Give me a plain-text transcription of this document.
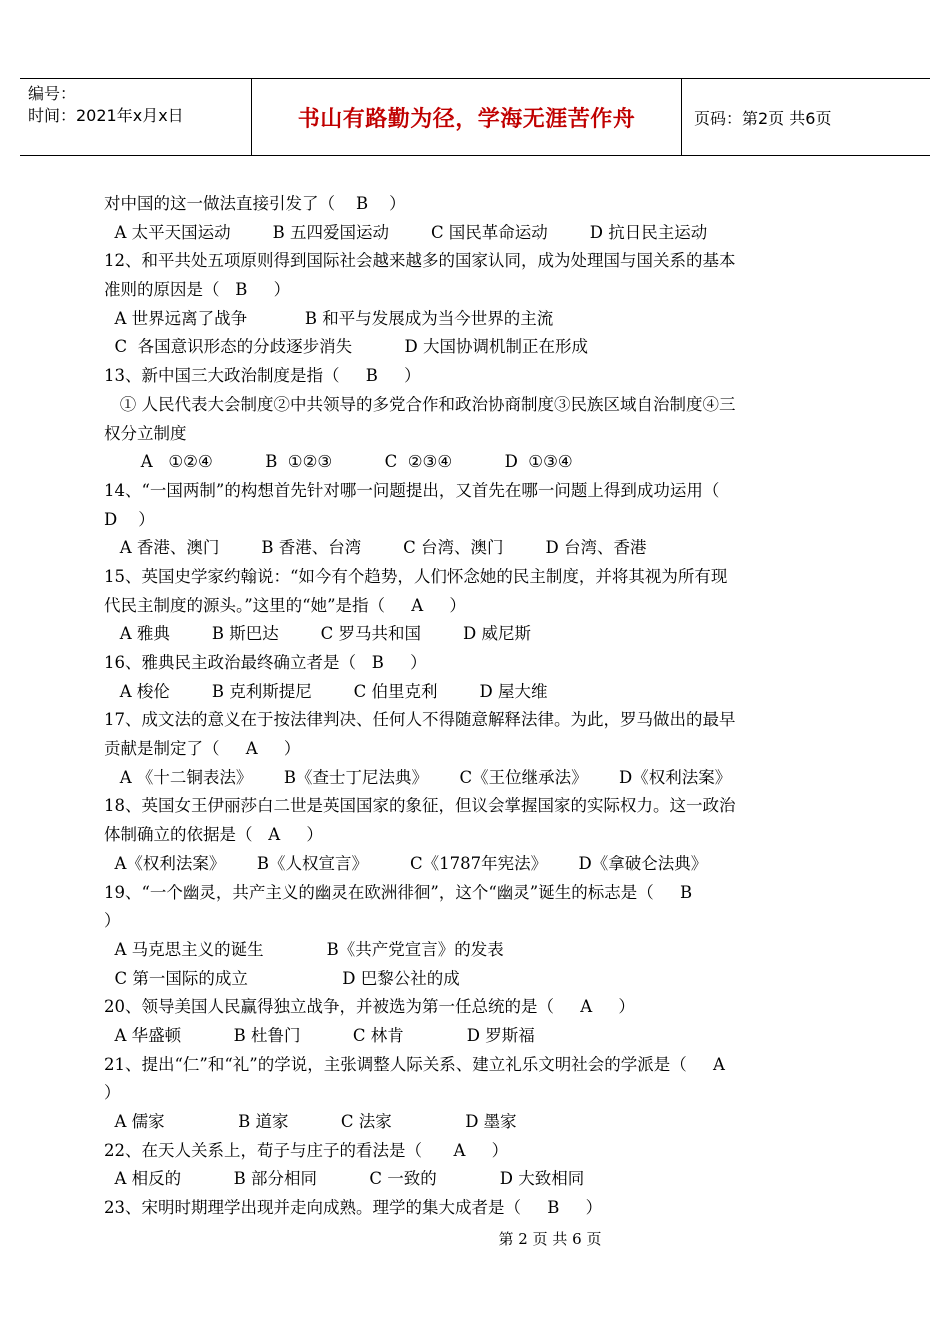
编号：
时间：2021年x月x日	书山有路勤为径，学海无涯苦作舟	页码：第2页 共6页
对中国的这一做法直接引发了（    B    ）
A 太平天国运动        B 五四爱国运动        C 国民革命运动        D 抗日民主运动
12、和平共处五项原则得到国际社会越来越多的国家认同，成为处理国与国关系的基本
准则的原因是（   B     ）
A 世界远离了战争           B 和平与发展成为当今世界的主流
C  各国意识形态的分歧逐步消失          D 大国协调机制正在形成
13、新中国三大政治制度是指（     B     ）
① 人民代表大会制度②中共领导的多党合作和政治协商制度③民族区域自治制度④三
权分立制度
A   ①②④          B  ①②③          C  ②③④          D  ①③④
14、“一国两制”的构想首先针对哪一问题提出，又首先在哪一问题上得到成功运用（
D    ）
A 香港、澳门        B 香港、台湾        C 台湾、澳门        D 台湾、香港
15、英国史学家约翰说：“如今有个趋势，人们怀念她的民主制度，并将其视为所有现
代民主制度的源头。”这里的“她”是指（     A     ）
A 雅典        B 斯巴达        C 罗马共和国        D 威尼斯
16、雅典民主政治最终确立者是（   B     ）
A 梭伦        B 克利斯提尼        C 伯里克利        D 屋大维
17、成文法的意义在于按法律判决、任何人不得随意解释法律。为此，罗马做出的最早
贡献是制定了（     A     ）
A 《十二铜表法》      B《查士丁尼法典》      C《王位继承法》      D《权利法案》
18、英国女王伊丽莎白二世是英国国家的象征，但议会掌握国家的实际权力。这一政治
体制确立的依据是（   A     ）
A《权利法案》      B《人权宣言》        C《1787年宪法》      D《拿破仑法典》
19、“一个幽灵，共产主义的幽灵在欧洲徘徊”，这个“幽灵”诞生的标志是（     B
）
A 马克思主义的诞生            B《共产党宣言》的发表
C 第一国际的成立                  D 巴黎公社的成
20、领导美国人民赢得独立战争，并被选为第一任总统的是（     A     ）
A 华盛顿          B 杜鲁门          C 林肯            D 罗斯福
21、提出“仁”和“礼”的学说，主张调整人际关系、建立礼乐文明社会的学派是（     A
）
A 儒家              B 道家          C 法家              D 墨家
22、在天人关系上，荀子与庄子的看法是（      A     ）
A 相反的          B 部分相同          C 一致的            D 大致相同
23、宋明时期理学出现并走向成熟。理学的集大成者是（     B     ）
第 2 页 共 6 页
